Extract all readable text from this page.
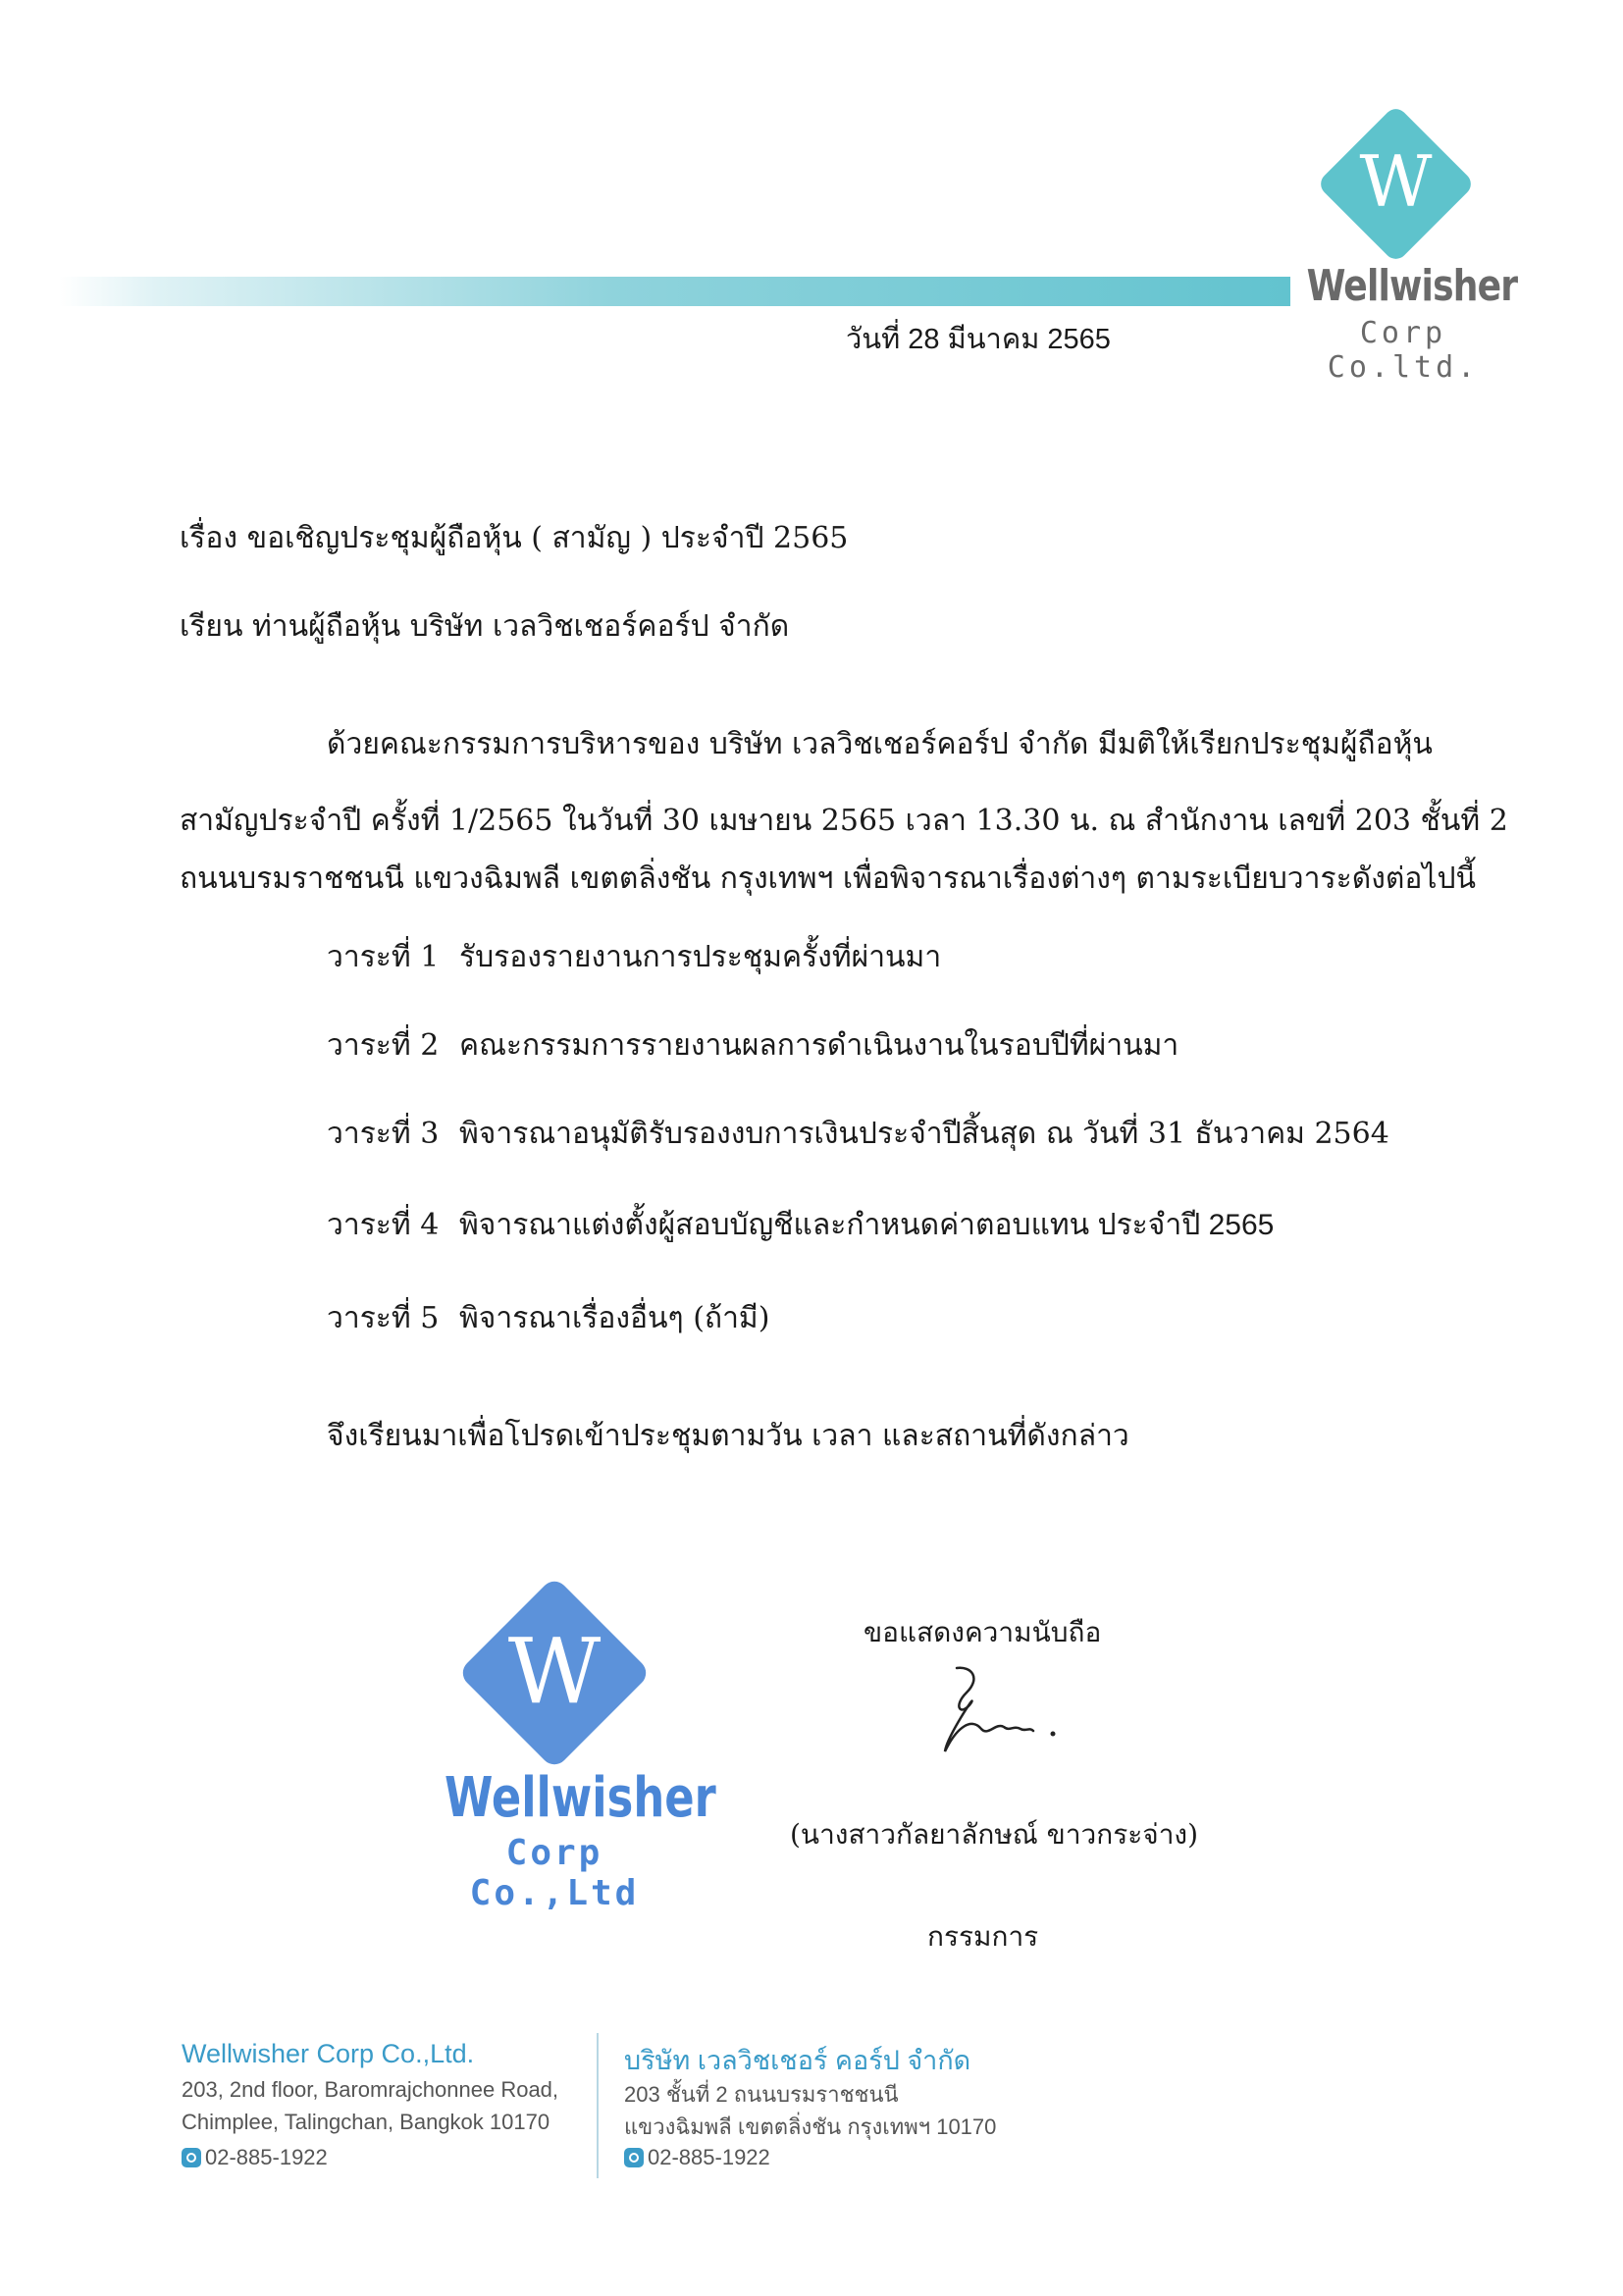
W
Wellwisher
Corp Co.ltd.
วันที่ 28 มีนาคม 2565
เรื่อง ขอเชิญประชุมผู้ถือหุ้น ( สามัญ ) ประจำปี 2565
เรียน ท่านผู้ถือหุ้น บริษัท เวลวิชเชอร์คอร์ป จำกัด
ด้วยคณะกรรมการบริหารของ บริษัท เวลวิชเชอร์คอร์ป จำกัด มีมติให้เรียกประชุมผู้ถือหุ้น
สามัญประจำปี ครั้งที่ 1/2565 ในวันที่ 30 เมษายน 2565 เวลา 13.30 น. ณ สำนักงาน เลขที่ 203 ชั้นที่ 2
ถนนบรมราชชนนี แขวงฉิมพลี เขตตลิ่งชัน กรุงเทพฯ เพื่อพิจารณาเรื่องต่างๆ ตามระเบียบวาระดังต่อไปนี้
วาระที่ 1 รับรองรายงานการประชุมครั้งที่ผ่านมา
วาระที่ 2 คณะกรรมการรายงานผลการดำเนินงานในรอบปีที่ผ่านมา
วาระที่ 3 พิจารณาอนุมัติรับรองงบการเงินประจำปีสิ้นสุด ณ วันที่ 31 ธันวาคม 2564
วาระที่ 4 พิจารณาแต่งตั้งผู้สอบบัญชีและกำหนดค่าตอบแทน ประจำปี 2565
วาระที่ 5 พิจารณาเรื่องอื่นๆ (ถ้ามี)
จึงเรียนมาเพื่อโปรดเข้าประชุมตามวัน เวลา และสถานที่ดังกล่าว
W
Wellwisher
Corp Co.,Ltd
ขอแสดงความนับถือ
(นางสาวกัลยาลักษณ์ ขาวกระจ่าง)
กรรมการ
Wellwisher Corp Co.,Ltd.
203, 2nd floor, Baromrajchonnee Road,
Chimplee, Talingchan, Bangkok 10170
02-885-1922
บริษัท เวลวิชเชอร์ คอร์ป จำกัด
203 ชั้นที่ 2 ถนนบรมราชชนนี
แขวงฉิมพลี เขตตลิ่งชัน กรุงเทพฯ 10170
02-885-1922
